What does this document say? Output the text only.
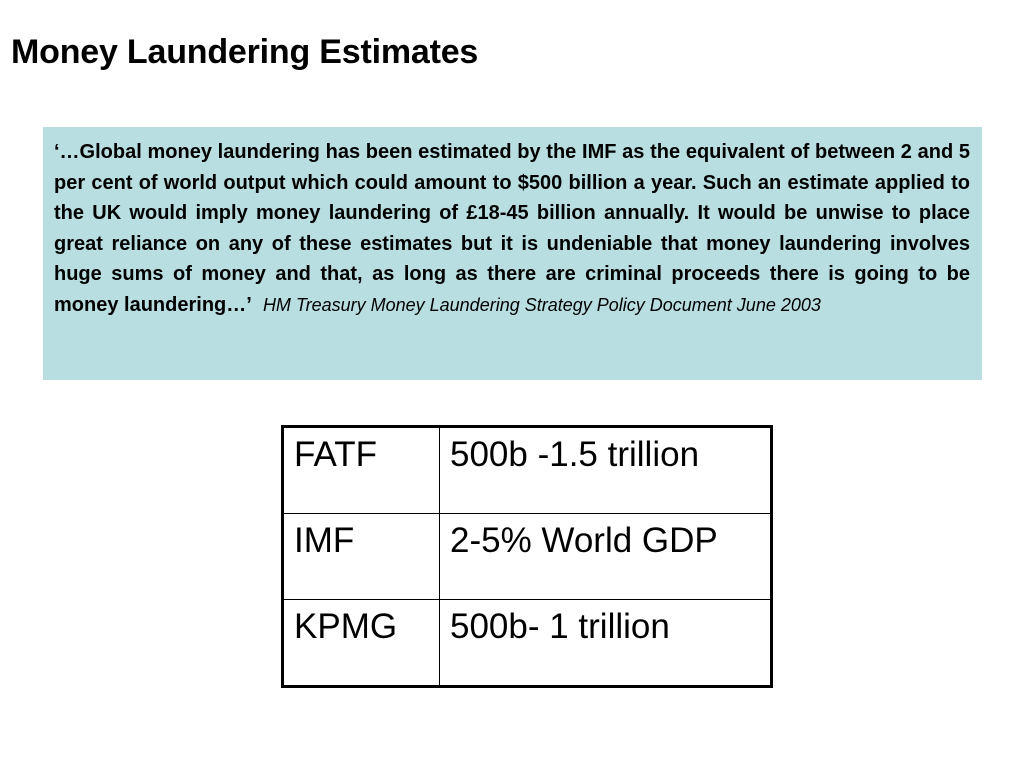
Money Laundering Estimates

‘…Global money laundering has been estimated by the IMF as the equivalent of between 2 and 5 per cent of world output which could amount to $500 billion a year. Such an estimate applied to the UK would imply money laundering of £18-45 billion annually. It would be unwise to place great reliance on any of these estimates but it is undeniable that money laundering involves huge sums of money and that, as long as there are criminal proceeds there is going to be money laundering…’ HM Treasury Money Laundering Strategy Policy Document June 2003

FATF	500b -1.5 trillion
IMF	2-5% World GDP
KPMG	500b- 1 trillion
